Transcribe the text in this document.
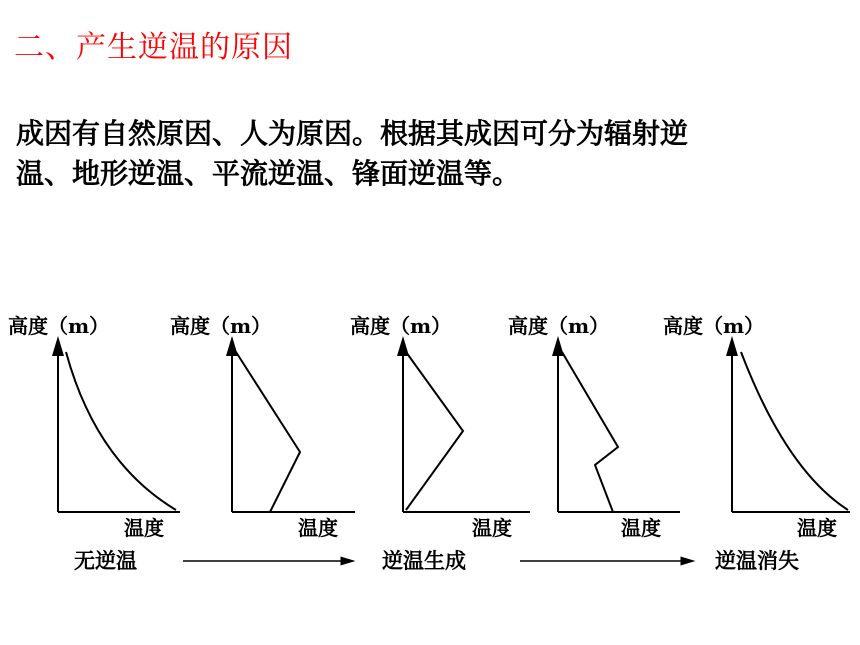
二、产生逆温的原因
成因有自然原因、人为原因。根据其成因可分为辐射逆
温、地形逆温、平流逆温、锋面逆温等。
高度（m）	高度（m）	高度（m）	高度（m）	高度（m）
温度	温度	温度	温度	温度
无逆温	逆温生成	逆温消失
